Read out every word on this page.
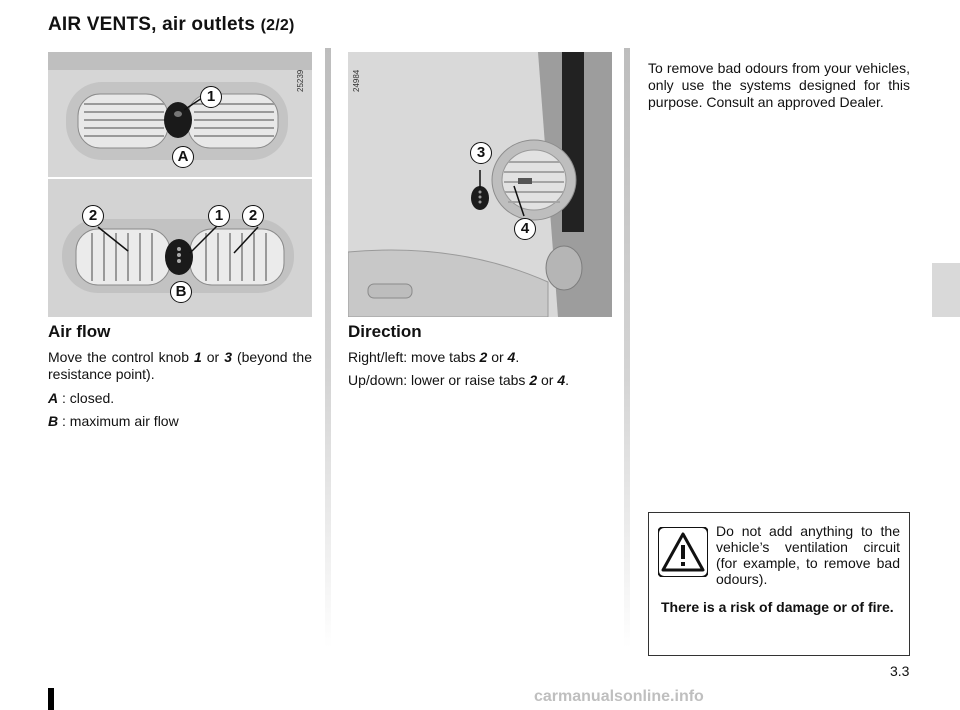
AIR VENTS, air outlets (2/2)
25239
1
A
2	1	2
B
24984
3
4
Air flow

Move the control knob 1 or 3 (beyond the resistance point).

A : closed.

B : maximum air flow

Direction

Right/left: move tabs 2 or 4.

Up/down: lower or raise tabs 2 or 4.

To remove bad odours from your vehicles, only use the systems designed for this purpose. Consult an approved Dealer.

Do not add anything to the vehicle’s ventilation circuit (for example, to remove bad odours).

There is a risk of damage or of fire.

3.3
carmanualsonline.info
